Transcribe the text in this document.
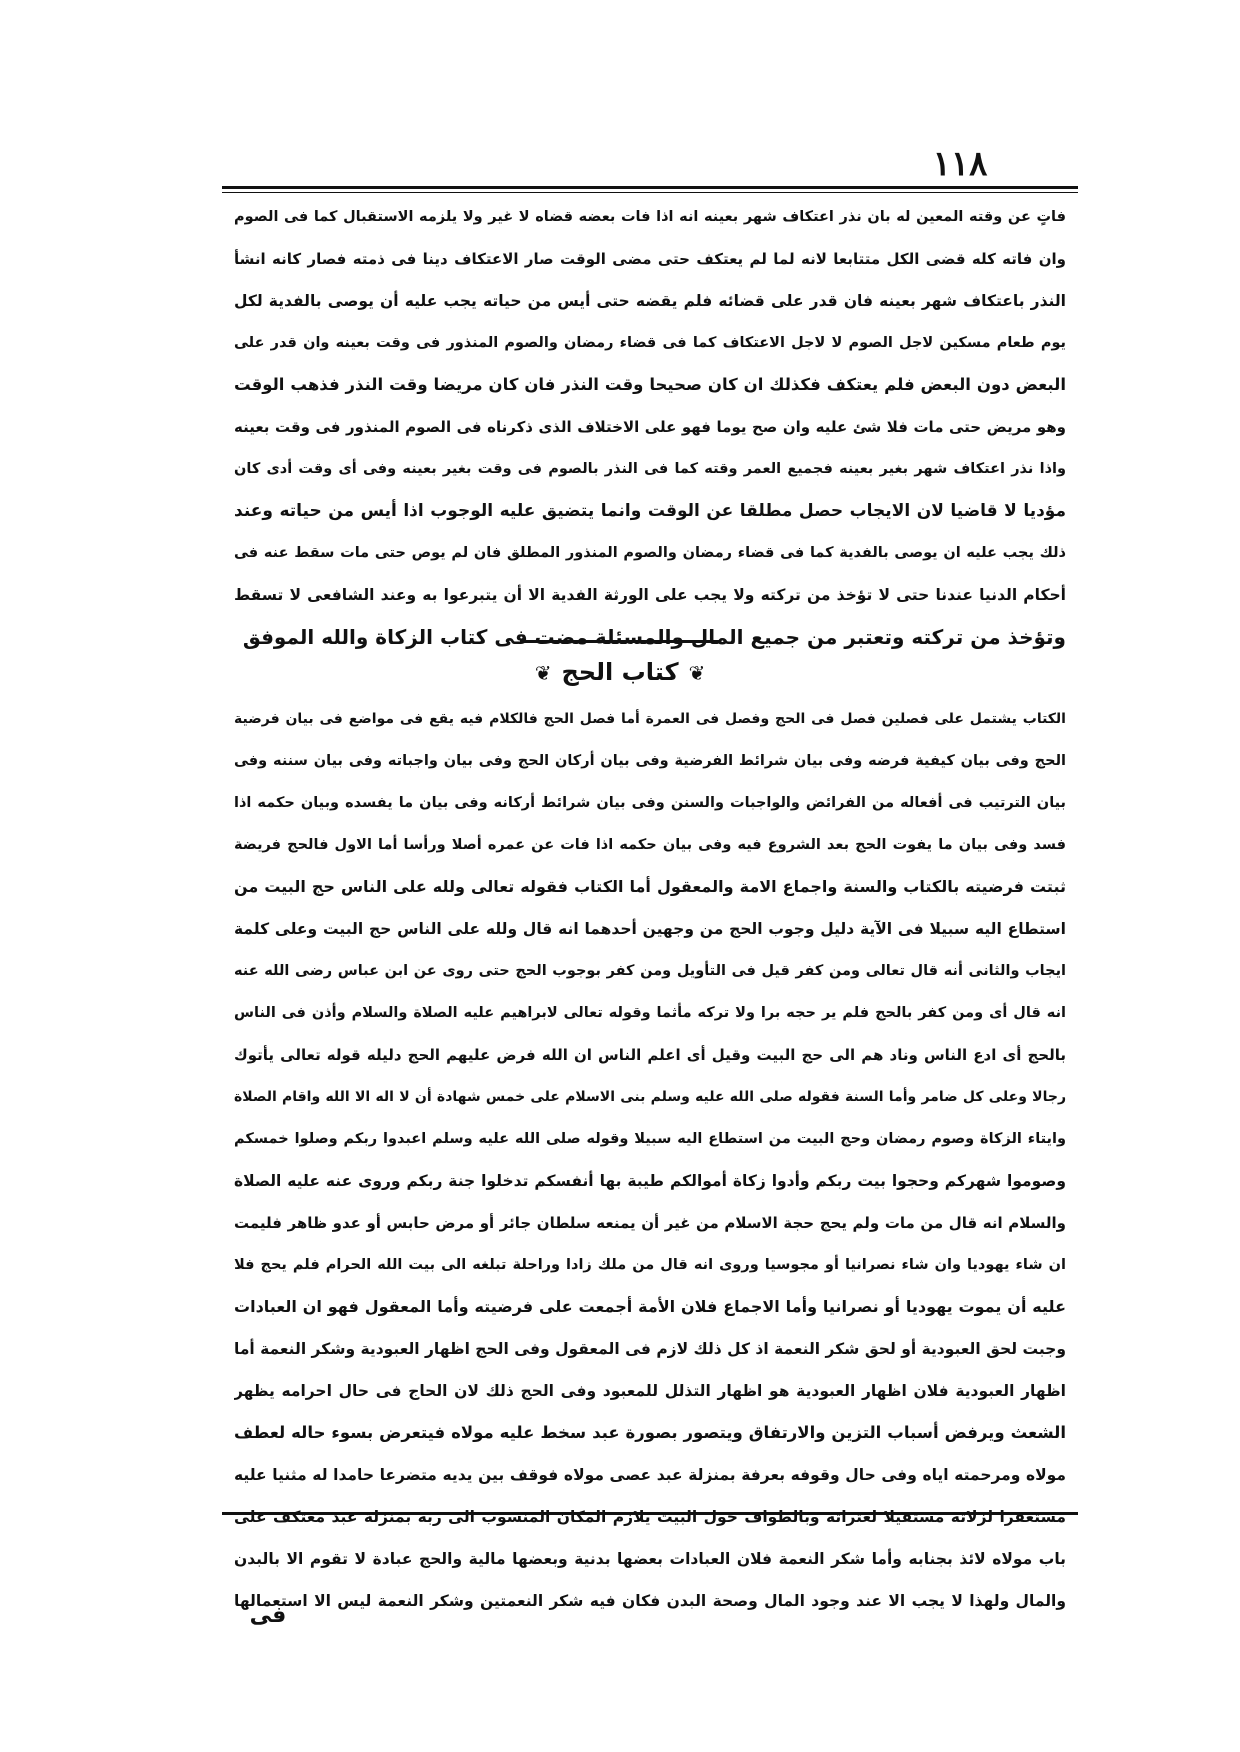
١١٨
فاتٍ عن وقته المعين له بان نذر اعتكاف شهر بعينه انه اذا فات بعضه قضاه لا غير ولا يلزمه الاستقبال كما فى الصوم
وان فاته كله قضى الكل متتابعا لانه لما لم يعتكف حتى مضى الوقت صار الاعتكاف دينا فى ذمته فصار كانه انشأ
النذر باعتكاف شهر بعينه فان قدر على قضائه فلم يقضه حتى أيس من حياته يجب عليه أن يوصى بالفدية لكل
يوم طعام مسكين لاجل الصوم لا لاجل الاعتكاف كما فى قضاء رمضان والصوم المنذور فى وقت بعينه وان قدر على
البعض دون البعض فلم يعتكف فكذلك ان كان صحيحا وقت النذر فان كان مريضا وقت النذر فذهب الوقت
وهو مريض حتى مات فلا شئ عليه وان صح يوما فهو على الاختلاف الذى ذكرناه فى الصوم المنذور فى وقت بعينه
واذا نذر اعتكاف شهر بغير بعينه فجميع العمر وقته كما فى النذر بالصوم فى وقت بغير بعينه وفى أى وقت أدى كان
مؤديا لا قاضيا لان الايجاب حصل مطلقا عن الوقت وانما يتضيق عليه الوجوب اذا أيس من حياته وعند
ذلك يجب عليه ان يوصى بالفدية كما فى قضاء رمضان والصوم المنذور المطلق فان لم يوص حتى مات سقط عنه فى
أحكام الدنيا عندنا حتى لا تؤخذ من تركته ولا يجب على الورثة الفدية الا أن يتبرعوا به وعند الشافعى لا تسقط
وتؤخذ من تركته وتعتبر من جميع المال والمسئلة مضت فى كتاب الزكاة والله الموفق
❦كتاب الحج❦
الكتاب يشتمل على فصلين فصل فى الحج وفصل فى العمرة أما فصل الحج فالكلام فيه يقع فى مواضع فى بيان فرضية
الحج وفى بيان كيفية فرضه وفى بيان شرائط الفرضية وفى بيان أركان الحج وفى بيان واجباته وفى بيان سننه وفى
بيان الترتيب فى أفعاله من الفرائض والواجبات والسنن وفى بيان شرائط أركانه وفى بيان ما يفسده وبيان حكمه اذا
فسد وفى بيان ما يفوت الحج بعد الشروع فيه وفى بيان حكمه اذا فات عن عمره أصلا ورأسا أما الاول فالحج فريضة
ثبتت فرضيته بالكتاب والسنة واجماع الامة والمعقول أما الكتاب فقوله تعالى ولله على الناس حج البيت من
استطاع اليه سبيلا فى الآية دليل وجوب الحج من وجهين أحدهما انه قال ولله على الناس حج البيت وعلى كلمة
ايجاب والثانى أنه قال تعالى ومن كفر قيل فى التأويل ومن كفر بوجوب الحج حتى روى عن ابن عباس رضى الله عنه
انه قال أى ومن كفر بالحج فلم ير حجه برا ولا تركه مأثما وقوله تعالى لابراهيم عليه الصلاة والسلام وأذن فى الناس
بالحج أى ادع الناس وناد هم الى حج البيت وقيل أى اعلم الناس ان الله فرض عليهم الحج دليله قوله تعالى يأتوك
رجالا وعلى كل ضامر وأما السنة فقوله صلى الله عليه وسلم بنى الاسلام على خمس شهادة أن لا اله الا الله واقام الصلاة
وايتاء الزكاة وصوم رمضان وحج البيت من استطاع اليه سبيلا وقوله صلى الله عليه وسلم اعبدوا ربكم وصلوا خمسكم
وصوموا شهركم وحجوا بيت ربكم وأدوا زكاة أموالكم طيبة بها أنفسكم تدخلوا جنة ربكم وروى عنه عليه الصلاة
والسلام انه قال من مات ولم يحج حجة الاسلام من غير أن يمنعه سلطان جائر أو مرض حابس أو عدو ظاهر فليمت
ان شاء يهوديا وان شاء نصرانيا أو مجوسيا وروى انه قال من ملك زادا وراحلة تبلغه الى بيت الله الحرام فلم يحج فلا
عليه أن يموت يهوديا أو نصرانيا وأما الاجماع فلان الأمة أجمعت على فرضيته وأما المعقول فهو ان العبادات
وجبت لحق العبودية أو لحق شكر النعمة اذ كل ذلك لازم فى المعقول وفى الحج اظهار العبودية وشكر النعمة أما
اظهار العبودية فلان اظهار العبودية هو اظهار التذلل للمعبود وفى الحج ذلك لان الحاج فى حال احرامه يظهر
الشعث ويرفض أسباب التزين والارتفاق ويتصور بصورة عبد سخط عليه مولاه فيتعرض بسوء حاله لعطف
مولاه ومرحمته اياه وفى حال وقوفه بعرفة بمنزلة عبد عصى مولاه فوقف بين يديه متضرعا حامدا له مثنيا عليه
مستغفرا لزلاته مستقيلا لعثراته وبالطواف حول البيت يلازم المكان المنسوب الى ربه بمنزلة عبد معتكف على
باب مولاه لائذ بجنابه وأما شكر النعمة فلان العبادات بعضها بدنية وبعضها مالية والحج عبادة لا تقوم الا بالبدن
والمال ولهذا لا يجب الا عند وجود المال وصحة البدن فكان فيه شكر النعمتين وشكر النعمة ليس الا استعمالها
فى
